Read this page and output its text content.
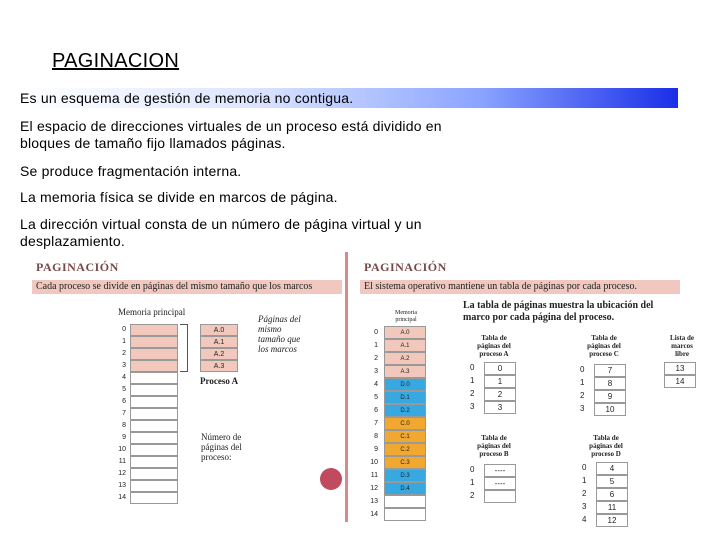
PAGINACION
Es un esquema de gestión de memoria no contigua.
El espacio de direcciones virtuales de un proceso está dividido en bloques de tamaño fijo llamados páginas.
Se produce fragmentación interna.
La memoria física se divide en marcos de página.
La dirección virtual consta de un número de página virtual y un desplazamiento.
PAGINACIÓN
Cada proceso se divide en páginas del mismo tamaño que los marcos
Memoria principal
0
1
2
3
4
5
6
7
8
9
10
11
12
13
14
A.0
A.1
A.2
A.3
Páginas del mismo tamaño que los marcos
Proceso A
Número de páginas del proceso:
PAGINACIÓN
El sistema operativo mantiene un tabla de páginas por cada proceso.
Memoria principal
0	A.0
1	A.1
2	A.2
3	A.3
4	D.0
5	D.1
6	D.2
7	C.0
8	C.1
9	C.2
10	C.3
11	D.3
12	D.4
13
14
La tabla de páginas muestra la ubicación del marco por cada página del proceso.
Tabla de páginas del proceso A
0	0
1	1
2	2
3	3
Tabla de páginas del proceso C
0	7
1	8
2	9
3	10
Lista de marcos libre
13
14
Tabla de páginas del proceso B
0	----
1	----
2
Tabla de páginas del proceso D
0	4
1	5
2	6
3	11
4	12
